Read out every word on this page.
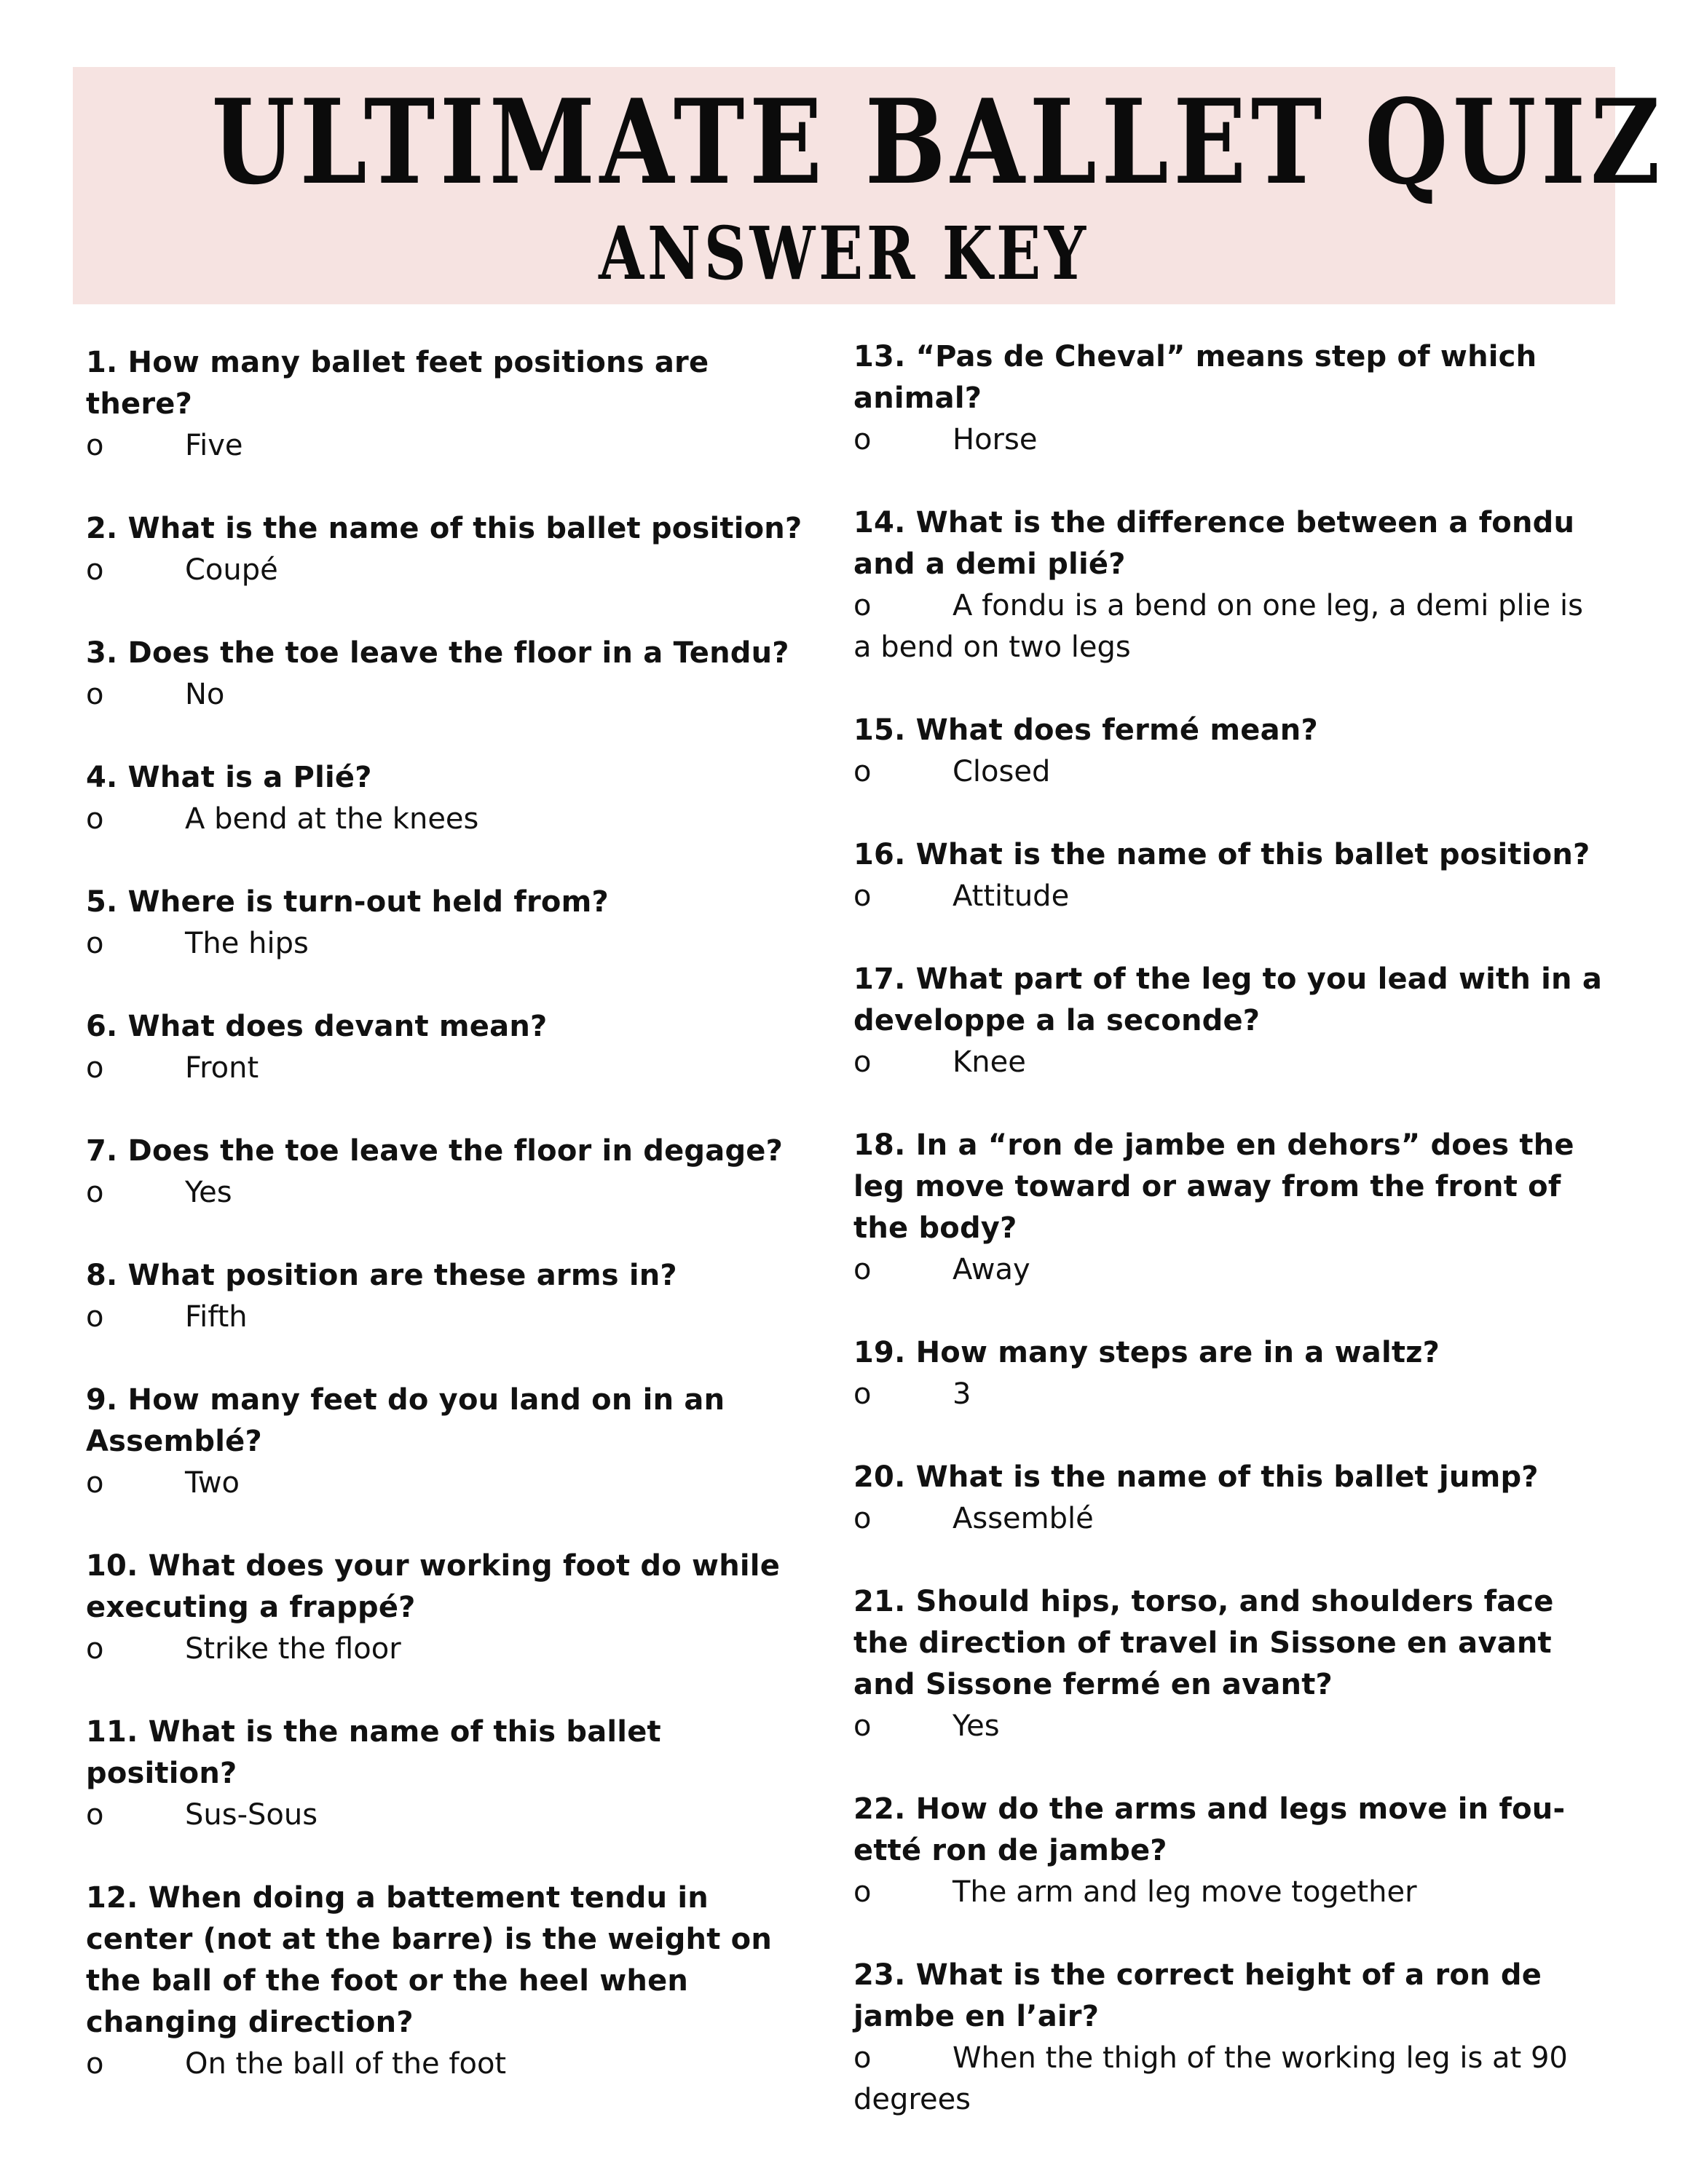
ULTIMATE BALLET QUIZ
ANSWER KEY
1. How many ballet feet positions are there?
o	Five
2. What is the name of this ballet position?
o	Coupé
3. Does the toe leave the floor in a Tendu?
o	No
4. What is a Plié?
o	A bend at the knees
5. Where is turn-out held from?
o	The hips
6. What does devant mean?
o	Front
7. Does the toe leave the floor in degage?
o	Yes
8. What position are these arms in?
o	Fifth
9. How many feet do you land on in an Assemblé?
o	Two
10. What does your working foot do while executing a frappé?
o	Strike the floor
11. What is the name of this ballet position?
o	Sus-Sous
12. When doing a battement tendu in center (not at the barre) is the weight on the ball of the foot or the heel when changing direction?
o	On the ball of the foot
13. “Pas de Cheval” means step of which animal?
o	Horse
14. What is the difference between a fondu and a demi plié?
o	A fondu is a bend on one leg, a demi plie is a bend on two legs
15. What does fermé mean?
o	Closed
16. What is the name of this ballet position?
o	Attitude
17. What part of the leg to you lead with in a developpe a la seconde?
o	Knee
18. In a “ron de jambe en dehors” does the leg move toward or away from the front of the body?
o	Away
19. How many steps are in a waltz?
o	3
20. What is the name of this ballet jump?
o	Assemblé
21. Should hips, torso, and shoulders face the direction of travel in Sissone en avant and Sissone fermé en avant?
o	Yes
22. How do the arms and legs move in fou-etté ron de jambe?
o	The arm and leg move together
23. What is the correct height of a ron de jambe en l’air?
o	When the thigh of the working leg is at 90 degrees
